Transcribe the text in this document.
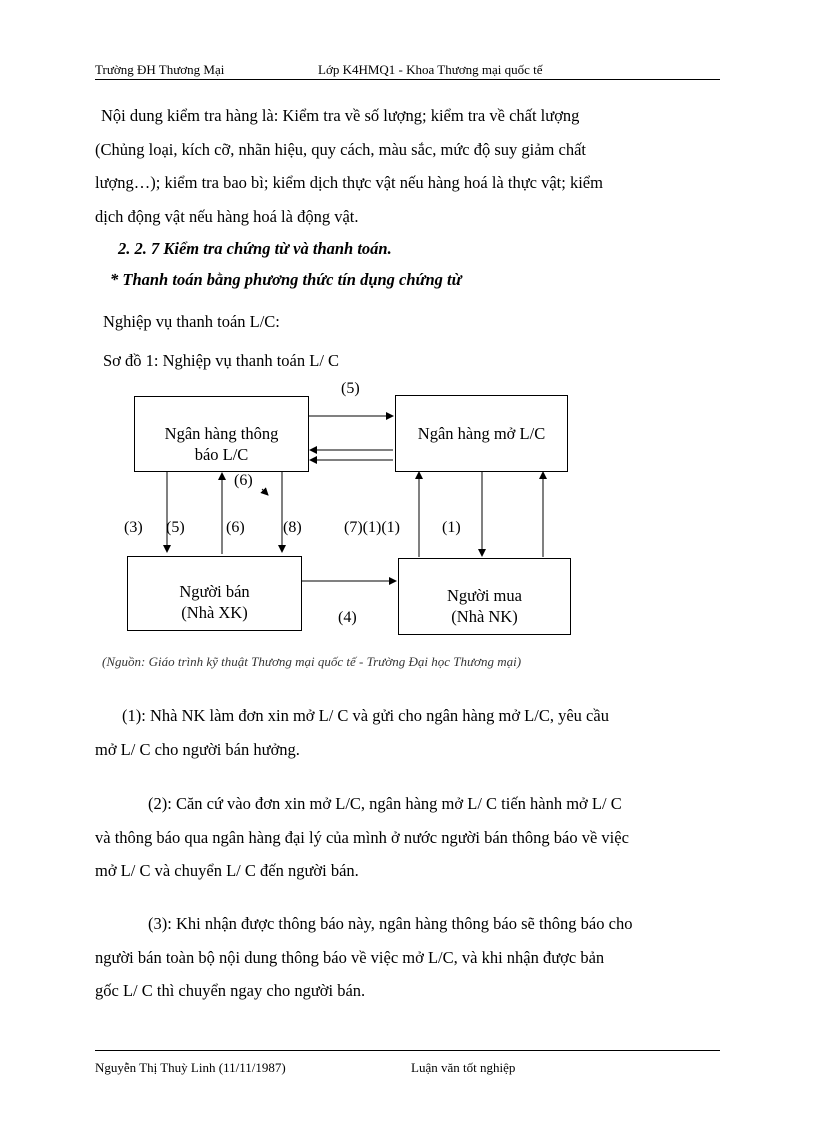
Trường ĐH Thương Mại	Lớp K4HMQ1 - Khoa Thương mại quốc tế
Nội dung kiểm tra hàng là: Kiểm tra về số lượng; kiểm tra về chất lượng
(Chủng loại, kích cỡ, nhãn hiệu, quy cách, màu sắc, mức độ suy giảm chất
lượng…); kiểm tra bao bì; kiểm dịch thực vật nếu hàng hoá là thực vật; kiểm
dịch động vật nếu hàng hoá là động vật.
2. 2. 7 Kiểm tra chứng từ và thanh toán.
* Thanh toán bằng phương thức tín dụng chứng từ
Nghiệp vụ thanh toán L/C:
Sơ đồ 1: Nghiệp vụ thanh toán L/ C
Ngân hàng thông
báo L/C
Ngân hàng mở L/C
Người bán
(Nhà XK)
Người mua
(Nhà NK)
(5)
(6)
(3) (5)	(6) (8)	(7)(1)(1)	(1)
(4)
(Nguồn: Giáo trình kỹ thuật Thương mại quốc tế - Trường Đại học Thương mại)
(1): Nhà NK làm đơn xin mở L/ C và gửi cho ngân hàng mở L/C, yêu cầu
mở L/ C cho người bán hưởng.
(2): Căn cứ vào đơn xin mở L/C, ngân hàng mở L/ C tiến hành mở L/ C
và thông báo qua ngân hàng đại lý của mình ở nước người bán thông báo về việc
mở L/ C và chuyển L/ C đến người bán.
(3): Khi nhận được thông báo này, ngân hàng thông báo sẽ thông báo cho
người bán toàn bộ nội dung thông báo về việc mở L/C, và khi nhận được bản
gốc L/ C thì chuyển ngay cho người bán.
Nguyễn Thị Thuỳ Linh (11/11/1987)	Luận văn tốt nghiệp
